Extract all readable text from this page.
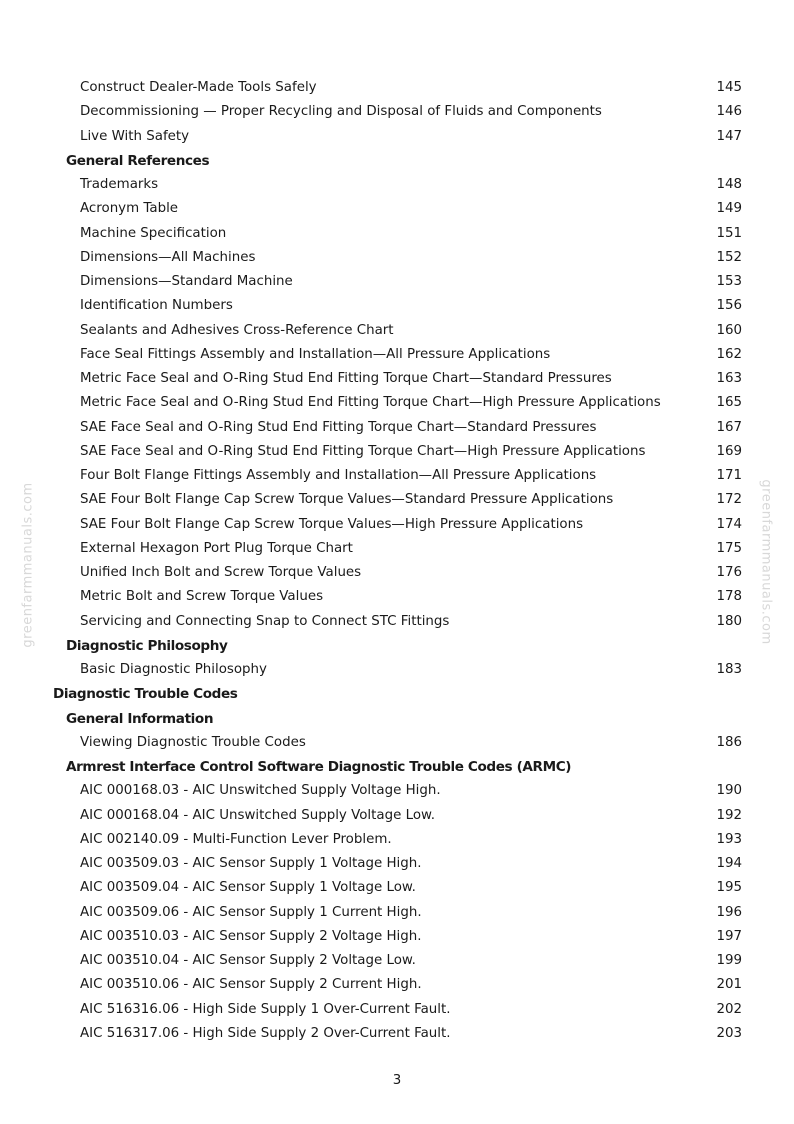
greenfarmmanuals.com	greenfarmmanuals.com
Construct Dealer-Made Tools Safely	145
Decommissioning — Proper Recycling and Disposal of Fluids and Components	146
Live With Safety	147
General References
Trademarks	148
Acronym Table	149
Machine Specification	151
Dimensions—All Machines	152
Dimensions—Standard Machine	153
Identification Numbers	156
Sealants and Adhesives Cross-Reference Chart	160
Face Seal Fittings Assembly and Installation—All Pressure Applications	162
Metric Face Seal and O-Ring Stud End Fitting Torque Chart—Standard Pressures	163
Metric Face Seal and O-Ring Stud End Fitting Torque Chart—High Pressure Applications	165
SAE Face Seal and O-Ring Stud End Fitting Torque Chart—Standard Pressures	167
SAE Face Seal and O-Ring Stud End Fitting Torque Chart—High Pressure Applications	169
Four Bolt Flange Fittings Assembly and Installation—All Pressure Applications	171
SAE Four Bolt Flange Cap Screw Torque Values—Standard Pressure Applications	172
SAE Four Bolt Flange Cap Screw Torque Values—High Pressure Applications	174
External Hexagon Port Plug Torque Chart	175
Unified Inch Bolt and Screw Torque Values	176
Metric Bolt and Screw Torque Values	178
Servicing and Connecting Snap to Connect STC Fittings	180
Diagnostic Philosophy
Basic Diagnostic Philosophy	183
Diagnostic Trouble Codes
General Information
Viewing Diagnostic Trouble Codes	186
Armrest Interface Control Software Diagnostic Trouble Codes (ARMC)
AIC 000168.03 - AIC Unswitched Supply Voltage High.	190
AIC 000168.04 - AIC Unswitched Supply Voltage Low.	192
AIC 002140.09 - Multi-Function Lever Problem.	193
AIC 003509.03 - AIC Sensor Supply 1 Voltage High.	194
AIC 003509.04 - AIC Sensor Supply 1 Voltage Low.	195
AIC 003509.06 - AIC Sensor Supply 1 Current High.	196
AIC 003510.03 - AIC Sensor Supply 2 Voltage High.	197
AIC 003510.04 - AIC Sensor Supply 2 Voltage Low.	199
AIC 003510.06 - AIC Sensor Supply 2 Current High.	201
AIC 516316.06 - High Side Supply 1 Over-Current Fault.	202
AIC 516317.06 - High Side Supply 2 Over-Current Fault.	203
3
